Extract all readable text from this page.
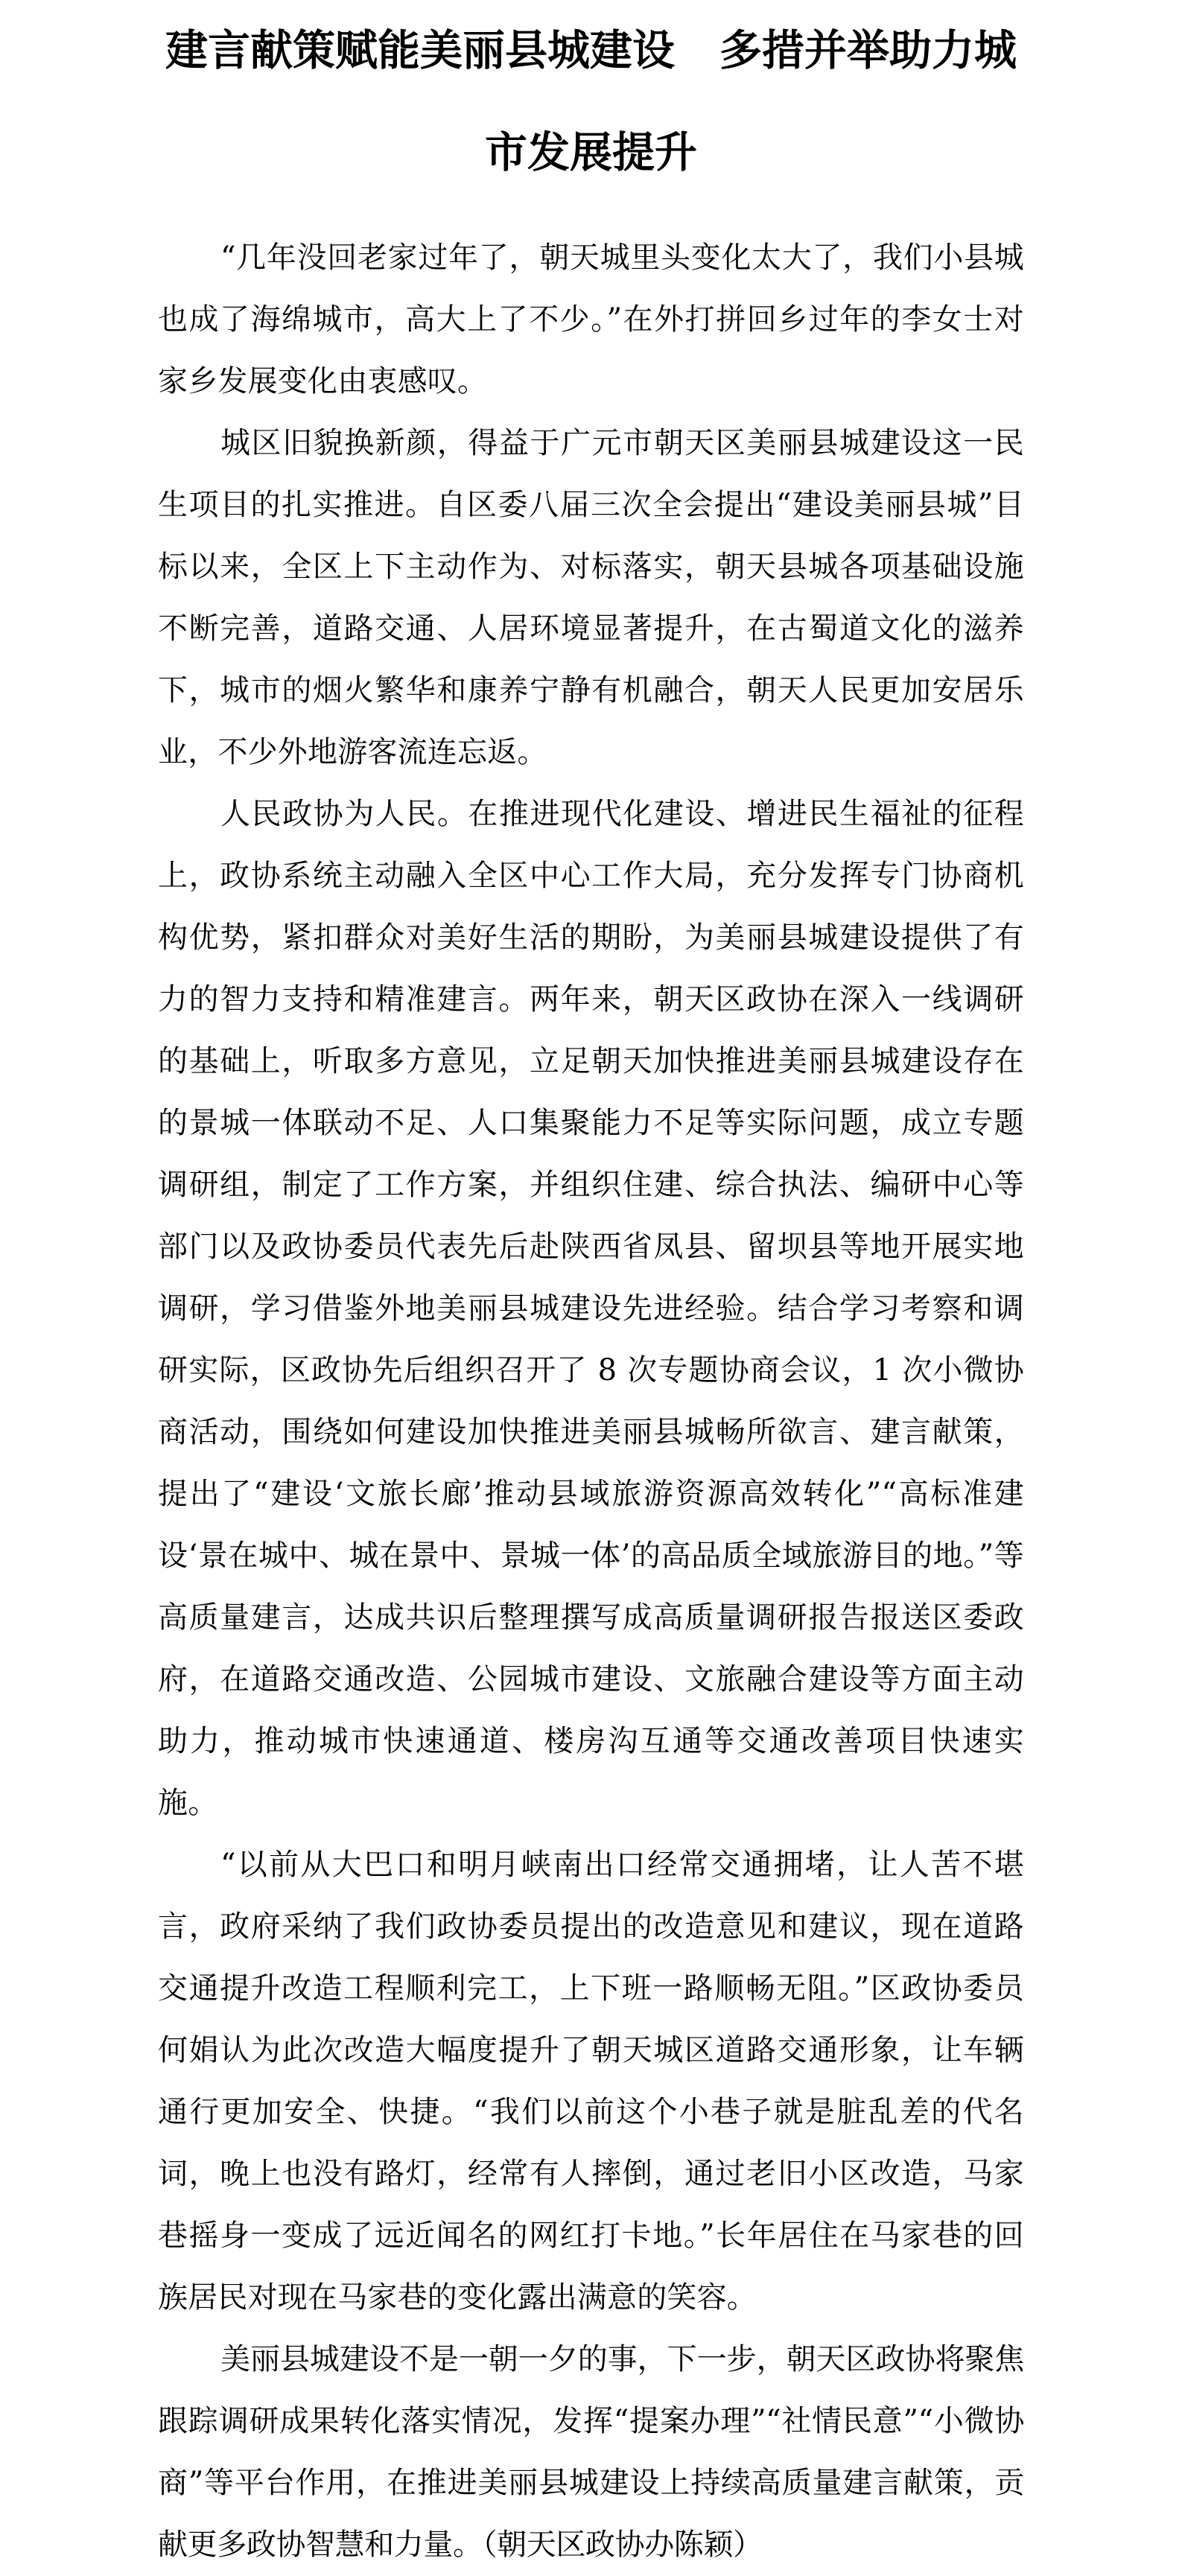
建言献策赋能美丽县城建设 多措并举助力城
市发展提升

“几年没回老家过年了，朝天城里头变化太大了，我们小县城也成了海绵城市，高大上了不少。”在外打拼回乡过年的李女士对家乡发展变化由衷感叹。

城区旧貌换新颜，得益于广元市朝天区美丽县城建设这一民生项目的扎实推进。自区委八届三次全会提出“建设美丽县城”目标以来，全区上下主动作为、对标落实，朝天县城各项基础设施不断完善，道路交通、人居环境显著提升，在古蜀道文化的滋养下，城市的烟火繁华和康养宁静有机融合，朝天人民更加安居乐业，不少外地游客流连忘返。

人民政协为人民。在推进现代化建设、增进民生福祉的征程上，政协系统主动融入全区中心工作大局，充分发挥专门协商机构优势，紧扣群众对美好生活的期盼，为美丽县城建设提供了有力的智力支持和精准建言。两年来，朝天区政协在深入一线调研的基础上，听取多方意见，立足朝天加快推进美丽县城建设存在的景城一体联动不足、人口集聚能力不足等实际问题，成立专题调研组，制定了工作方案，并组织住建、综合执法、编研中心等部门以及政协委员代表先后赴陕西省凤县、留坝县等地开展实地调研，学习借鉴外地美丽县城建设先进经验。结合学习考察和调研实际，区政协先后组织召开了 8 次专题协商会议，1 次小微协商活动，围绕如何建设加快推进美丽县城畅所欲言、建言献策，提出了“建设‘文旅长廊’推动县域旅游资源高效转化”“高标准建设‘景在城中、城在景中、景城一体’的高品质全域旅游目的地。”等高质量建言，达成共识后整理撰写成高质量调研报告报送区委政府，在道路交通改造、公园城市建设、文旅融合建设等方面主动助力，推动城市快速通道、楼房沟互通等交通改善项目快速实施。

“以前从大巴口和明月峡南出口经常交通拥堵，让人苦不堪言，政府采纳了我们政协委员提出的改造意见和建议，现在道路交通提升改造工程顺利完工，上下班一路顺畅无阻。”区政协委员何娟认为此次改造大幅度提升了朝天城区道路交通形象，让车辆通行更加安全、快捷。“我们以前这个小巷子就是脏乱差的代名词，晚上也没有路灯，经常有人摔倒，通过老旧小区改造，马家巷摇身一变成了远近闻名的网红打卡地。”长年居住在马家巷的回族居民对现在马家巷的变化露出满意的笑容。

美丽县城建设不是一朝一夕的事，下一步，朝天区政协将聚焦跟踪调研成果转化落实情况，发挥“提案办理”“社情民意”“小微协商”等平台作用，在推进美丽县城建设上持续高质量建言献策，贡献更多政协智慧和力量。（朝天区政协办陈颖）
